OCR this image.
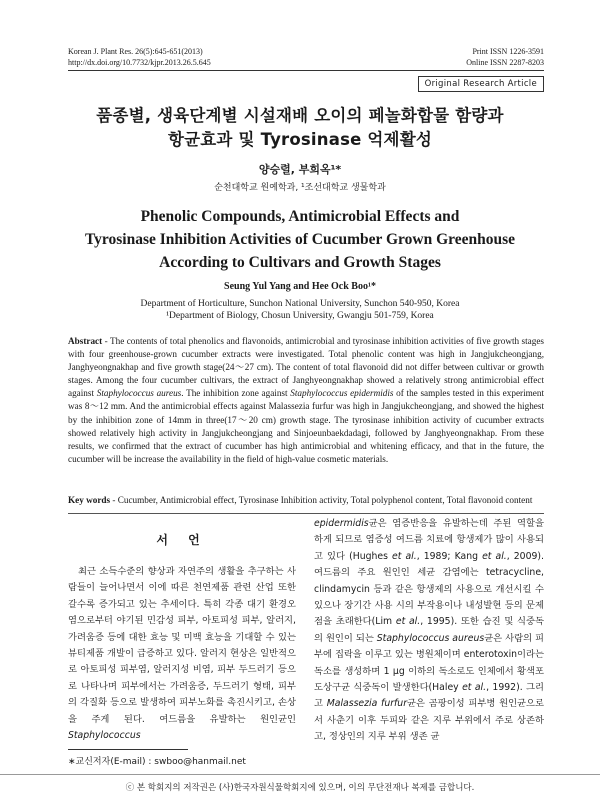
Korean J. Plant Res. 26(5):645-651(2013)
http://dx.doi.org/10.7732/kjpr.2013.26.5.645
Print ISSN 1226-3591
Online ISSN 2287-8203
Original Research Article
품종별, 생육단계별 시설재배 오이의 페놀화합물 함량과
항균효과 및 Tyrosinase 억제활성
양승렬, 부희옥¹*
순천대학교 원예학과, ¹조선대학교 생물학과
Phenolic Compounds, Antimicrobial Effects and
Tyrosinase Inhibition Activities of Cucumber Grown Greenhouse
According to Cultivars and Growth Stages
Seung Yul Yang and Hee Ock Boo¹*
Department of Horticulture, Sunchon National University, Sunchon 540-950, Korea
¹Department of Biology, Chosun University, Gwangju 501-759, Korea
Abstract - The contents of total phenolics and flavonoids, antimicrobial and tyrosinase inhibition activities of five growth stages with four greenhouse-grown cucumber extracts were investigated. Total phenolic content was high in Jangjukcheongjang, Janghyeongnakhap and five growth stage(24～27 cm). The content of total flavonoid did not differ between cultivar or growth stages. Among the four cucumber cultivars, the extract of Janghyeongnakhap showed a relatively strong antimicrobial effect against Staphylococcus aureus. The inhibition zone against Staphylococcus epidermidis of the samples tested in this experiment was 8～12 mm. And the antimicrobial effects against Malassezia furfur was high in Jangjukcheongjang, and showed the highest by the inhibition zone of 14mm in three(17～20 cm) growth stage. The tyrosinase inhibition activity of cucumber extracts showed relatively high activity in Jangjukcheongjang and Sinjoeunbaekdadagi, followed by Janghyeongnakhap. From these results, we confirmed that the extract of cucumber has high antimicrobial and whitening efficacy, and that in the future, the cucumber will be increase the availability in the field of high-value cosmetic materials.
Key words - Cucumber, Antimicrobial effect, Tyrosinase Inhibition activity, Total polyphenol content, Total flavonoid content
서 언

최근 소득수준의 향상과 자연주의 생활을 추구하는 사람들이 늘어나면서 이에 따른 천연제품 관련 산업 또한 갈수록 증가되고 있는 추세이다. 특히 각종 대기 환경오염으로부터 야기된 민감성 피부, 아토피성 피부, 알러지, 가려움증 등에 대한 효능 및 미백 효능을 기대할 수 있는 뷰티제품 개발이 급증하고 있다. 알러지 현상은 일반적으로 아토피성 피부염, 알러지성 비염, 피부 두드러기 등으로 나타나며 피부에서는 가려움증, 두드러기 형태, 피부의 각질화 등으로 발생하여 피부노화를 촉진시키고, 손상을 주게 된다. 여드름을 유발하는 원인균인 Staphylococcus

epidermidis균은 염증반응을 유발하는데 주된 역할을 하게 되므로 염증성 여드름 치료에 항생제가 많이 사용되고 있다 (Hughes et al., 1989; Kang et al., 2009). 여드름의 주요 원인인 세균 감염에는 tetracycline, clindamycin 등과 같은 항생제의 사용으로 개선시킬 수 있으나 장기간 사용 시의 부작용이나 내성발현 등의 문제점을 초래한다(Lim et al., 1995). 또한 습진 및 식중독의 원인이 되는 Staphylococcus aureus균은 사람의 피부에 집락을 이루고 있는 병원체이며 enterotoxin이라는 독소를 생성하며 1 μg 이하의 독소로도 인체에서 황색포도상구균 식중독이 발생한다(Haley et al., 1992). 그리고 Malassezia furfur균은 곰팡이성 피부병 원인균으로서 사춘기 이후 두피와 같은 지루 부위에서 주로 상존하고, 정상인의 지루 부위 생존 균

∗교신저자(E-mail) : swboo@hanmail.net
ⓒ 본 학회지의 저작권은 (사)한국자원식물학회지에 있으며, 이의 무단전재나 복제를 금합니다.
